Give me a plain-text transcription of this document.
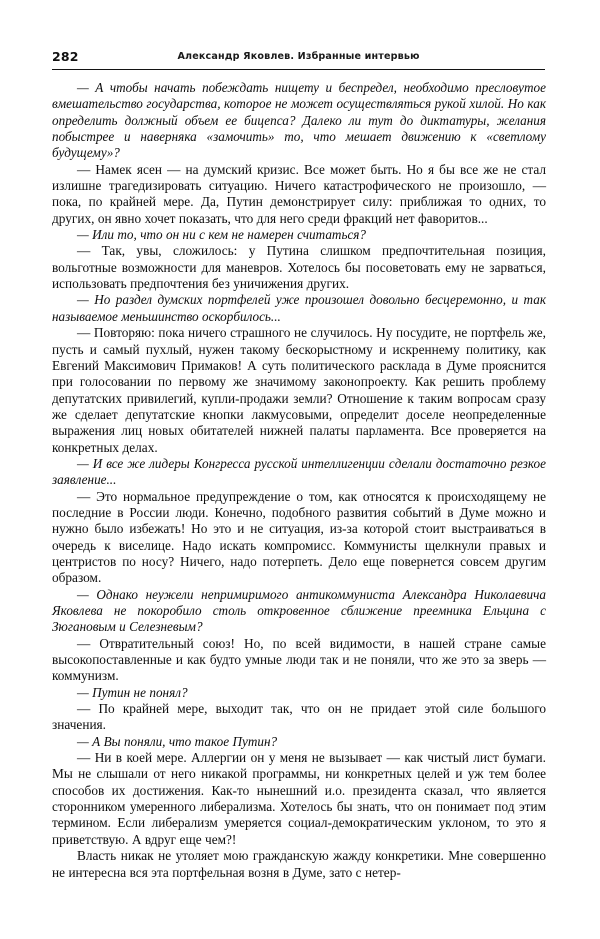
282	Александр Яковлев. Избранные интервью

— А чтобы начать побеждать нищету и беспредел, необходимо пресловутое вмешательство государства, которое не может осуществляться рукой хилой. Но как определить должный объем ее бицепса? Далеко ли тут до диктатуры, желания побыстрее и наверняка «замочить» то, что мешает движению к «светлому будущему»?

— Намек ясен — на думский кризис. Все может быть. Но я бы все же не стал излишне трагедизировать ситуацию. Ничего катастрофического не произошло, — пока, по крайней мере. Да, Путин демонстрирует силу: приближая то одних, то других, он явно хочет показать, что для него среди фракций нет фаворитов...

— Или то, что он ни с кем не намерен считаться?

— Так, увы, сложилось: у Путина слишком предпочтительная позиция, вольготные возможности для маневров. Хотелось бы посоветовать ему не зарваться, использовать предпочтения без уничижения других.

— Но раздел думских портфелей уже произошел довольно бесцеремонно, и так называемое меньшинство оскорбилось...

— Повторяю: пока ничего страшного не случилось. Ну посудите, не портфель же, пусть и самый пухлый, нужен такому бескорыстному и искреннему политику, как Евгений Максимович Примаков! А суть политического расклада в Думе прояснится при голосовании по первому же значимому законопроекту. Как решить проблему депутатских привилегий, купли-продажи земли? Отношение к таким вопросам сразу же сделает депутатские кнопки лакмусовыми, определит доселе неопределенные выражения лиц новых обитателей нижней палаты парламента. Все проверяется на конкретных делах.

— И все же лидеры Конгресса русской интеллигенции сделали достаточно резкое заявление...

— Это нормальное предупреждение о том, как относятся к происходящему не последние в России люди. Конечно, подобного развития событий в Думе можно и нужно было избежать! Но это и не ситуация, из-за которой стоит выстраиваться в очередь к виселице. Надо искать компромисс. Коммунисты щелкнули правых и центристов по носу? Ничего, надо потерпеть. Дело еще повернется совсем другим образом.

— Однако неужели непримиримого антикоммуниста Александра Николаевича Яковлева не покоробило столь откровенное сближение преемника Ельцина с Зюгановым и Селезневым?

— Отвратительный союз! Но, по всей видимости, в нашей стране самые высокопоставленные и как будто умные люди так и не поняли, что же это за зверь — коммунизм.

— Путин не понял?

— По крайней мере, выходит так, что он не придает этой силе большого значения.

— А Вы поняли, что такое Путин?

— Ни в коей мере. Аллергии он у меня не вызывает — как чистый лист бумаги. Мы не слышали от него никакой программы, ни конкретных целей и уж тем более способов их достижения. Как-то нынешний и.о. президента сказал, что является сторонником умеренного либерализма. Хотелось бы знать, что он понимает под этим термином. Если либерализм умеряется социал-демократическим уклоном, то это я приветствую. А вдруг еще чем?!

Власть никак не утоляет мою гражданскую жажду конкретики. Мне совершенно не интересна вся эта портфельная возня в Думе, зато с нетер-
